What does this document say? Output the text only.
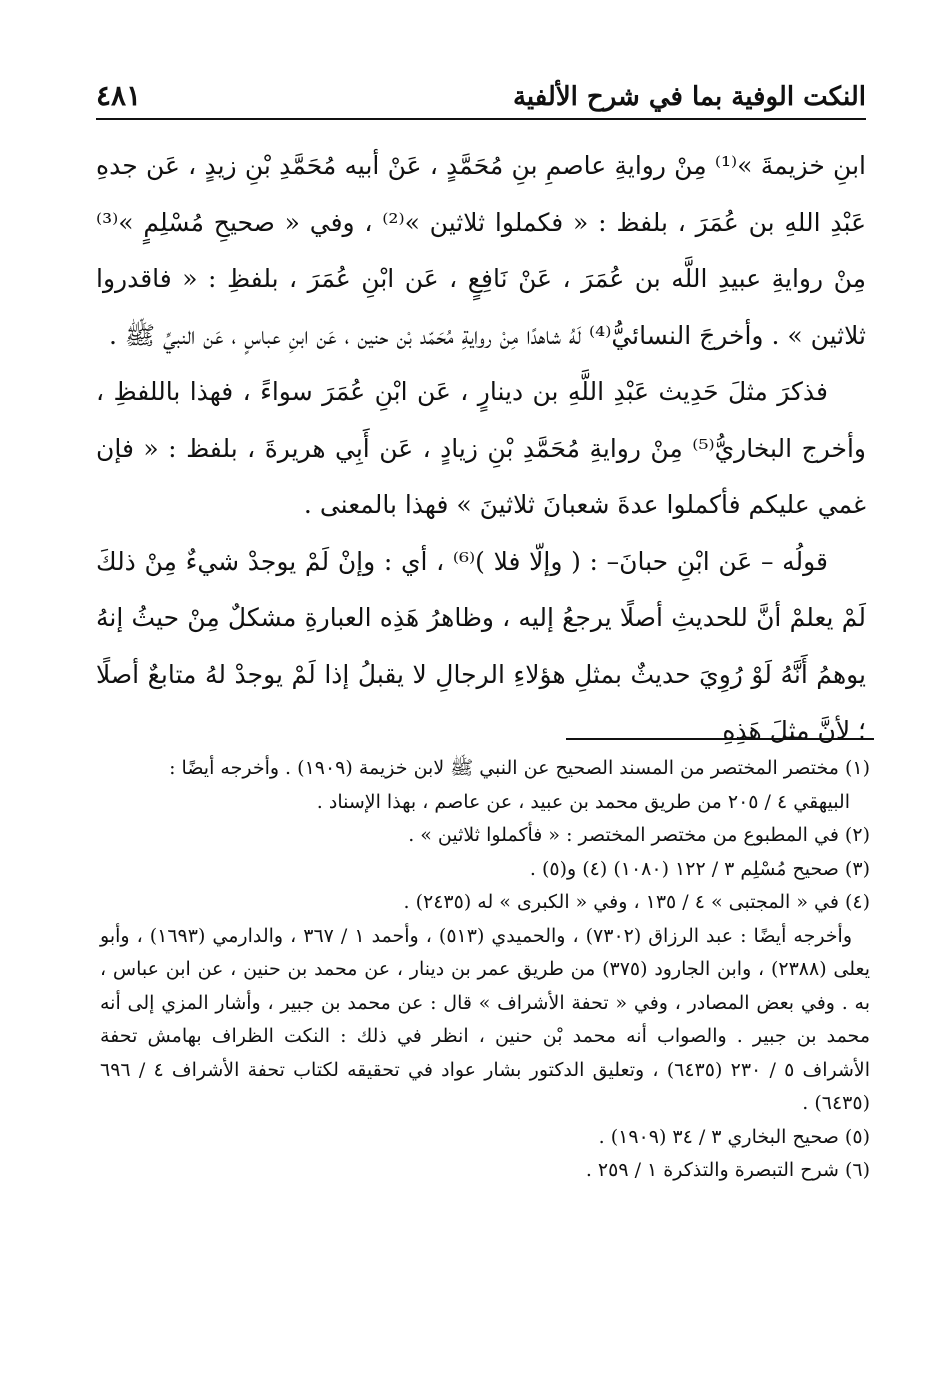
النكت الوفية بما في شرح الألفية
٤٨١

ابنِ خزيمةَ »⁽¹⁾ مِنْ روايةِ عاصمِ بنِ مُحَمَّدٍ ، عَنْ أبيه مُحَمَّدِ بْنِ زيدٍ ، عَن جدهِ عَبْدِ اللهِ بن عُمَرَ ، بلفظ : « فكملوا ثلاثين »⁽²⁾ ، وفي « صحيحِ مُسْلِمٍ »⁽³⁾ مِنْ روايةِ عبيدِ اللَّه بن عُمَرَ ، عَنْ نَافِعٍ ، عَن ابْنِ عُمَرَ ، بلفظِ : « فاقدروا ثلاثين » . وأخرجَ النسائيُّ⁽⁴⁾ لَهُ شاهدًا مِنْ روايةِ مُحَمّد بْن حنين ، عَن ابنِ عباسٍ ، عَن النبيِّ ﷺ .

فذكرَ مثلَ حَدِيث عَبْدِ اللَّهِ بن دينارٍ ، عَن ابْنِ عُمَرَ سواءً ، فهذا باللفظِ ، وأخرج البخاريُّ⁽⁵⁾ مِنْ روايةِ مُحَمَّدِ بْنِ زيادٍ ، عَن أَبِي هريرةَ ، بلفظ : « فإن غمي عليكم فأكملوا عدةَ شعبانَ ثلاثينَ » فهذا بالمعنى .

قولُه – عَن ابْنِ حبانَ– : ( وإلّا فلا )⁽⁶⁾ ، أي : وإنْ لَمْ يوجدْ شيءٌ مِنْ ذلكَ لَمْ يعلمْ أنَّ للحديثِ أصلًا يرجعُ إليه ، وظاهرُ هَذِه العبارةِ مشكلٌ مِنْ حيثُ إنهُ يوهمُ أَنَّهُ لَوْ رُوِيَ حديثٌ بمثلِ هؤلاءِ الرجالِ لا يقبلُ إذا لَمْ يوجدْ لهُ متابعٌ أصلًا ؛ لأنَّ مثلَ هَذِهِ

(١) مختصر المختصر من المسند الصحيح عن النبي ﷺ لابن خزيمة (١٩٠٩) . وأخرجه أيضًا :

البيهقي ٤ / ٢٠٥ من طريق محمد بن عبيد ، عن عاصم ، بهذا الإسناد .

(٢) في المطبوع من مختصر المختصر : « فأكملوا ثلاثين » .

(٣) صحيح مُسْلِم ٣ / ١٢٢ (١٠٨٠) (٤) و(٥) .

(٤) في « المجتبى » ٤ / ١٣٥ ، وفي « الكبرى » له (٢٤٣٥) .

وأخرجه أيضًا : عبد الرزاق (٧٣٠٢) ، والحميدي (٥١٣) ، وأحمد ١ / ٣٦٧ ، والدارمي (١٦٩٣) ، وأبو يعلى (٢٣٨٨) ، وابن الجارود (٣٧٥) من طريق عمر بن دينار ، عن محمد بن حنين ، عن ابن عباس ، به . وفي بعض المصادر ، وفي « تحفة الأشراف » قال : عن محمد بن جبير ، وأشار المزي إلى أنه محمد بن جبير . والصواب أنه محمد بْن حنين ، انظر في ذلك : النكت الظراف بهامش تحفة الأشراف ٥ / ٢٣٠ (٦٤٣٥) ، وتعليق الدكتور بشار عواد في تحقيقه لكتاب تحفة الأشراف ٤ / ٦٩٦ (٦٤٣٥) .

(٥) صحيح البخاري ٣ / ٣٤ (١٩٠٩) .

(٦) شرح التبصرة والتذكرة ١ / ٢٥٩ .
